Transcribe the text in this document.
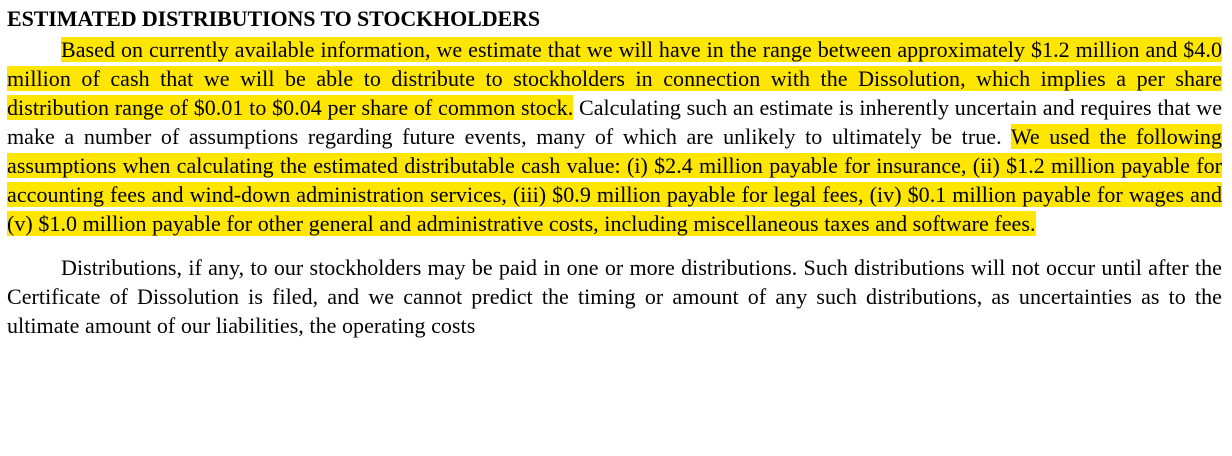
ESTIMATED DISTRIBUTIONS TO STOCKHOLDERS

Based on currently available information, we estimate that we will have in the range between approximately $1.2 million and $4.0 million of cash that we will be able to distribute to stockholders in connection with the Dissolution, which implies a per share distribution range of $0.01 to $0.04 per share of common stock. Calculating such an estimate is inherently uncertain and requires that we make a number of assumptions regarding future events, many of which are unlikely to ultimately be true. We used the following assumptions when calculating the estimated distributable cash value: (i) $2.4 million payable for insurance, (ii) $1.2 million payable for accounting fees and wind-down administration services, (iii) $0.9 million payable for legal fees, (iv) $0.1 million payable for wages and (v) $1.0 million payable for other general and administrative costs, including miscellaneous taxes and software fees.

Distributions, if any, to our stockholders may be paid in one or more distributions. Such distributions will not occur until after the Certificate of Dissolution is filed, and we cannot predict the timing or amount of any such distributions, as uncertainties as to the ultimate amount of our liabilities, the operating costs
